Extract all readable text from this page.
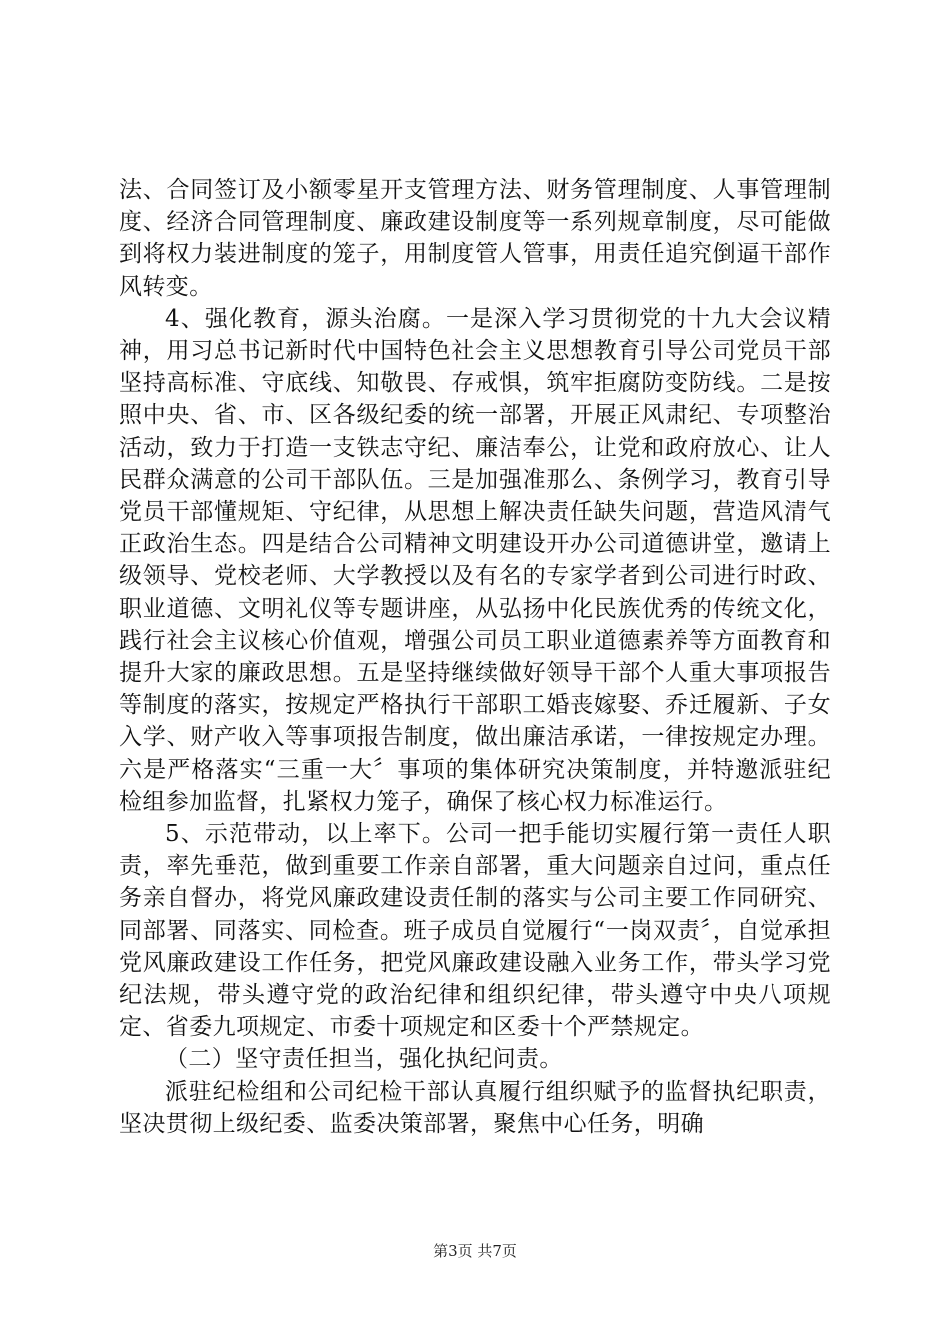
法、合同签订及小额零星开支管理方法、财务管理制度、人事管理制度、经济合同管理制度、廉政建设制度等一系列规章制度，尽可能做到将权力装进制度的笼子，用制度管人管事，用责任追究倒逼干部作风转变。

4、强化教育，源头治腐。一是深入学习贯彻党的十九大会议精神，用习总书记新时代中国特色社会主义思想教育引导公司党员干部坚持高标准、守底线、知敬畏、存戒惧，筑牢拒腐防变防线。二是按照中央、省、市、区各级纪委的统一部署，开展正风肃纪、专项整治活动，致力于打造一支铁志守纪、廉洁奉公，让党和政府放心、让人民群众满意的公司干部队伍。三是加强准那么、条例学习，教育引导党员干部懂规矩、守纪律，从思想上解决责任缺失问题，营造风清气正政治生态。四是结合公司精神文明建设开办公司道德讲堂，邀请上级领导、党校老师、大学教授以及有名的专家学者到公司进行时政、职业道德、文明礼仪等专题讲座，从弘扬中化民族优秀的传统文化，践行社会主议核心价值观，增强公司员工职业道德素养等方面教育和提升大家的廉政思想。五是坚持继续做好领导干部个人重大事项报告等制度的落实，按规定严格执行干部职工婚丧嫁娶、乔迁履新、子女入学、财产收入等事项报告制度，做出廉洁承诺，一律按规定办理。六是严格落实“三重一大〞事项的集体研究决策制度，并特邀派驻纪检组参加监督，扎紧权力笼子，确保了核心权力标准运行。

5、示范带动，以上率下。公司一把手能切实履行第一责任人职责，率先垂范，做到重要工作亲自部署，重大问题亲自过问，重点任务亲自督办，将党风廉政建设责任制的落实与公司主要工作同研究、同部署、同落实、同检查。班子成员自觉履行“一岗双责〞，自觉承担党风廉政建设工作任务，把党风廉政建设融入业务工作，带头学习党纪法规，带头遵守党的政治纪律和组织纪律，带头遵守中央八项规定、省委九项规定、市委十项规定和区委十个严禁规定。

（二）坚守责任担当，强化执纪问责。

派驻纪检组和公司纪检干部认真履行组织赋予的监督执纪职责，坚决贯彻上级纪委、监委决策部署，聚焦中心任务，明确

第3页 共7页
